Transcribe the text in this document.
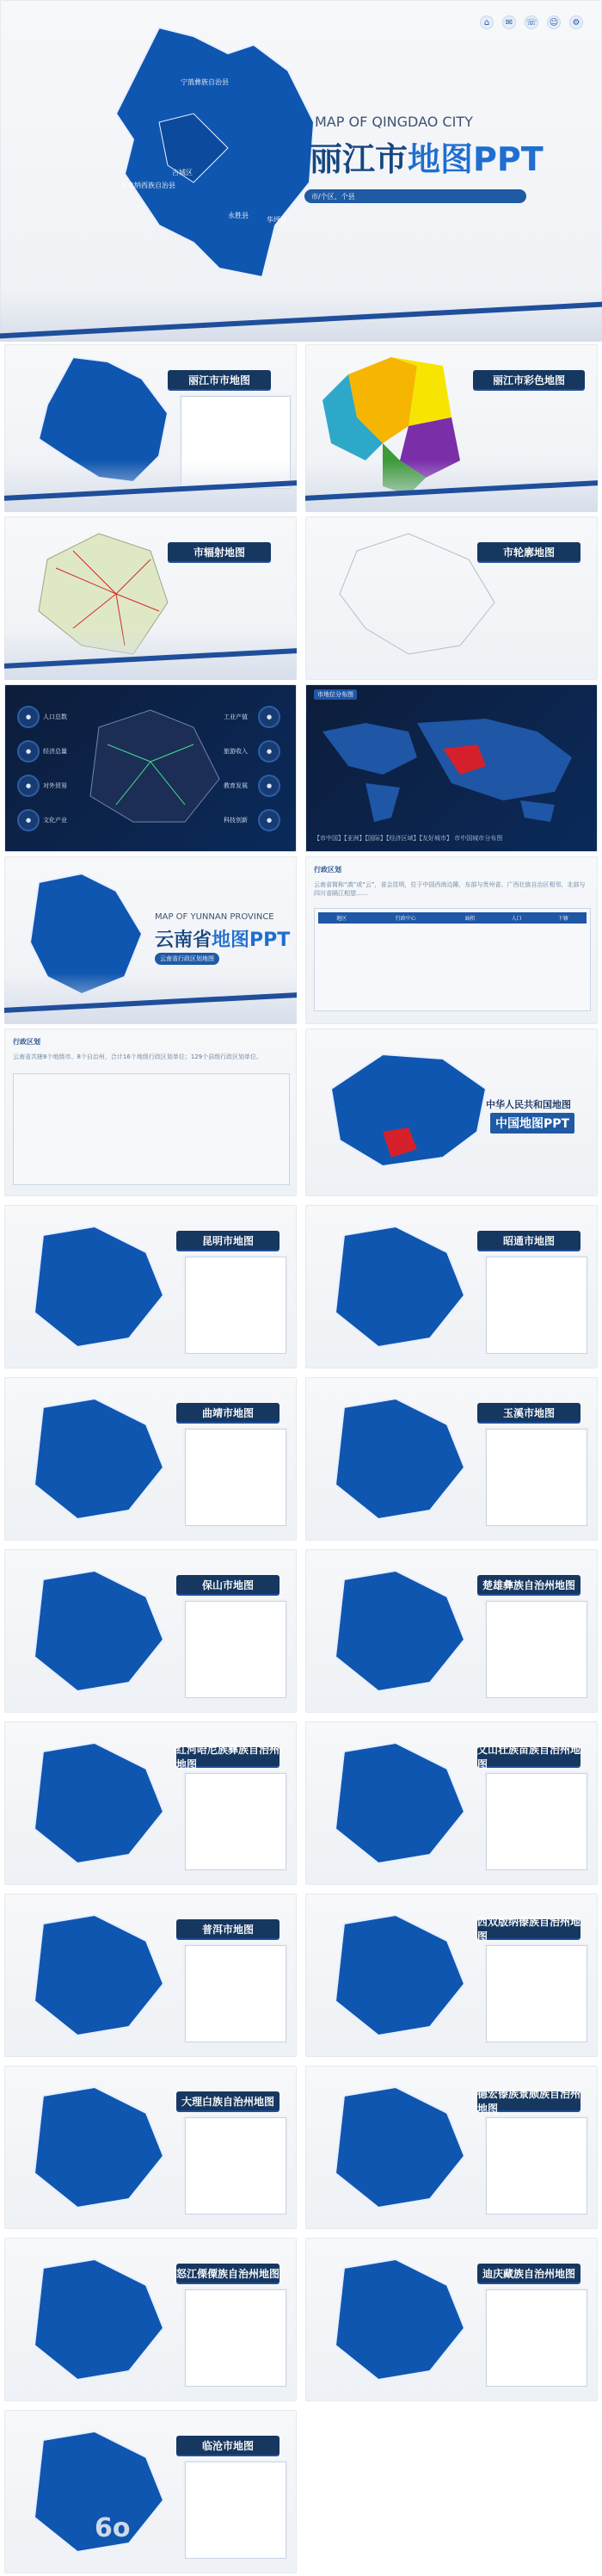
⌂	✉	☏ ☺	⚙
宁蒗彝族自治县
古城区
玉龙纳西族自治县
永胜县
华坪县
MAP OF QINGDAO CITY
丽江市地图PPT
市/个区、个县
丽江市市地图	丽江市彩色地图
市辐射地图	市轮廓地图
●	人口总数
●	经济总量
●	对外贸易
●	文化产业
●
工业产值
●
旅游收入
●
教育发展
●
科技创新
市地位分布图
【市中国】【亚洲】【国际】【经济区域】【友好城市】 市中国城市分布图
MAP OF YUNNAN PROVINCE
云南省地图PPT
云南省行政区划地图
行政区划
云南省简称“滇”或“云”，省会昆明，位于中国西南边陲，东部与贵州省、广西壮族自治区相邻，北部与四川省隔江相望……
地区	行政中心	面积	人口	下辖
行政区划
云南省共辖8个地级市、8个自治州，合计16个地级行政区划单位；129个县级行政区划单位。
中华人民共和国地图
中国地图PPT
昆明市地图	昭通市地图
曲靖市地图	玉溪市地图
保山市地图	楚雄彝族自治州地图
红河哈尼族彝族自治州地图
文山壮族苗族自治州地图
普洱市地图
西双版纳傣族自治州地图
大理白族自治州地图
德宏傣族景颇族自治州地图
怒江傈僳族自治州地图	迪庆藏族自治州地图
临沧市地图
6o
